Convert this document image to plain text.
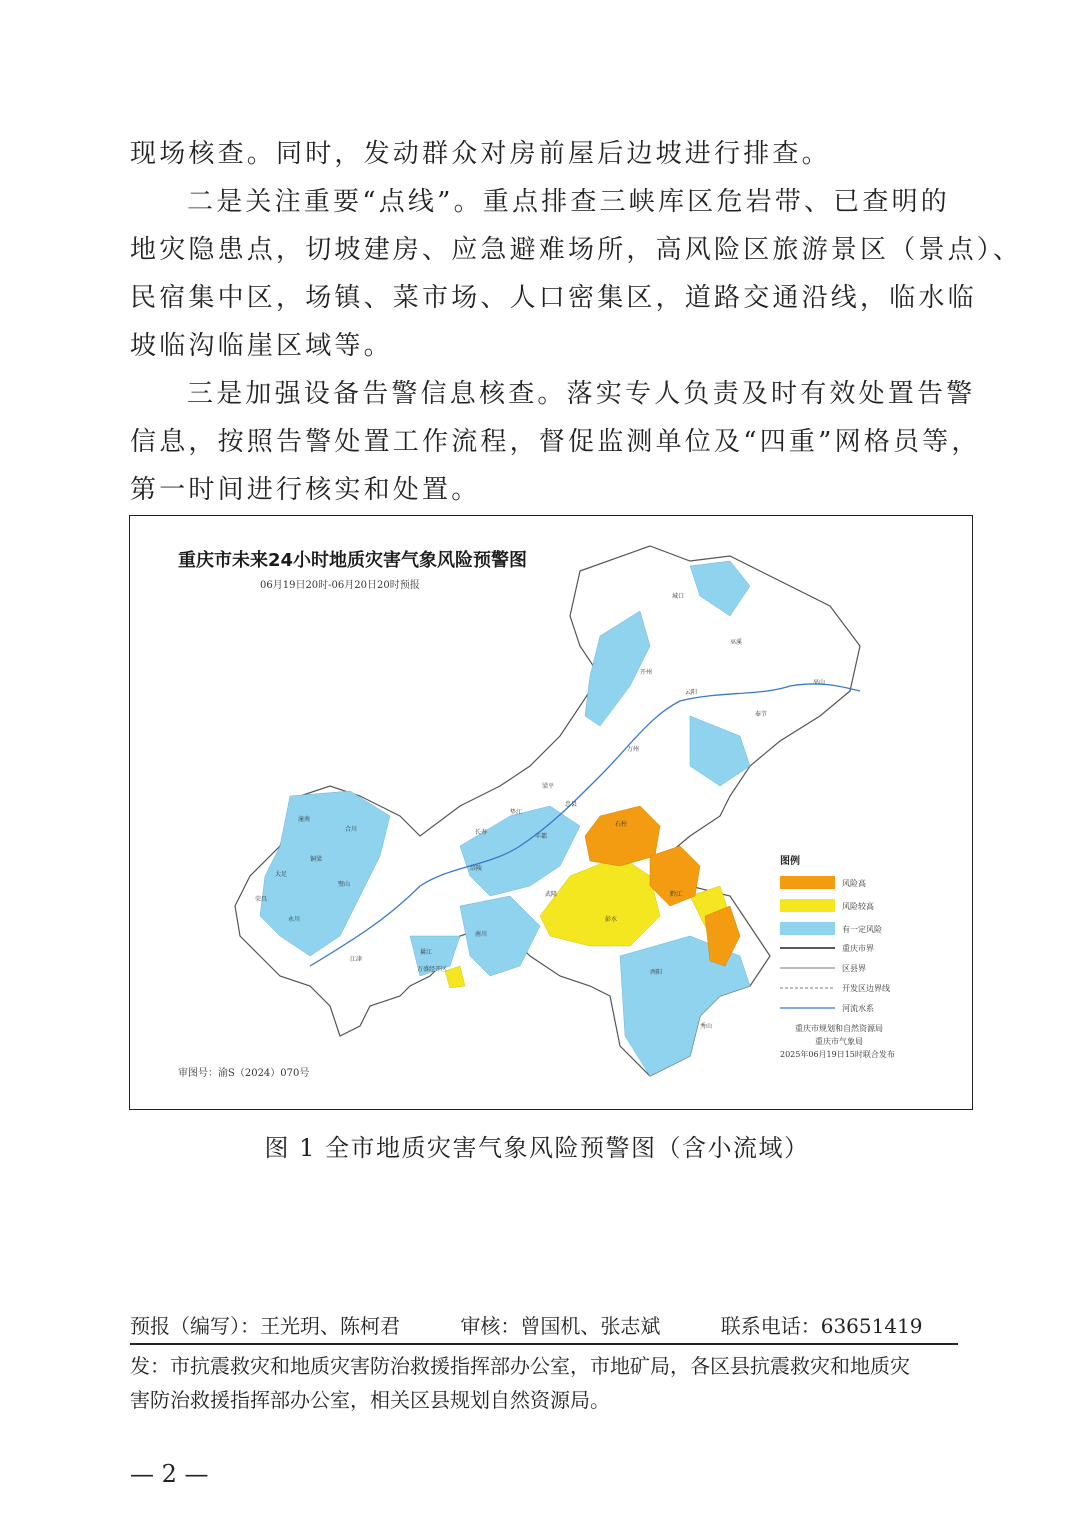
现场核查。同时，发动群众对房前屋后边坡进行排查。
二是关注重要“点线”。重点排查三峡库区危岩带、已查明的
地灾隐患点，切坡建房、应急避难场所，高风险区旅游景区（景点）、
民宿集中区，场镇、菜市场、人口密集区，道路交通沿线，临水临
坡临沟临崖区域等。
三是加强设备告警信息核查。落实专人负责及时有效处置告警
信息，按照告警处置工作流程，督促监测单位及“四重”网格员等，
第一时间进行核实和处置。
重庆市未来24小时地质灾害气象风险预警图
06月19日20时-06月20日20时预报
城口
巫溪
巫山
开州
云阳
奉节
万州
梁平
垫江
忠县
石柱
丰都
长寿
涪陵
武隆
彭水
黔江
酉阳
秀山
南川
綦江
江津
永川
荣昌
大足
潼南
合川
璧山
铜梁
万盛经开区
图例
风险高
风险较高
有一定风险
重庆市界
区县界
开发区边界线
河流水系
重庆市规划和自然资源局
重庆市气象局
2025年06月19日15时联合发布
审图号：渝S（2024）070号
图 1 全市地质灾害气象风险预警图（含小流域）
预报（编写）：王光玥、陈柯君	审核：曾国机、张志斌	联系电话：63651419
发：市抗震救灾和地质灾害防治救援指挥部办公室，市地矿局，各区县抗震救灾和地质灾
害防治救援指挥部办公室，相关区县规划自然资源局。
— 2 —
